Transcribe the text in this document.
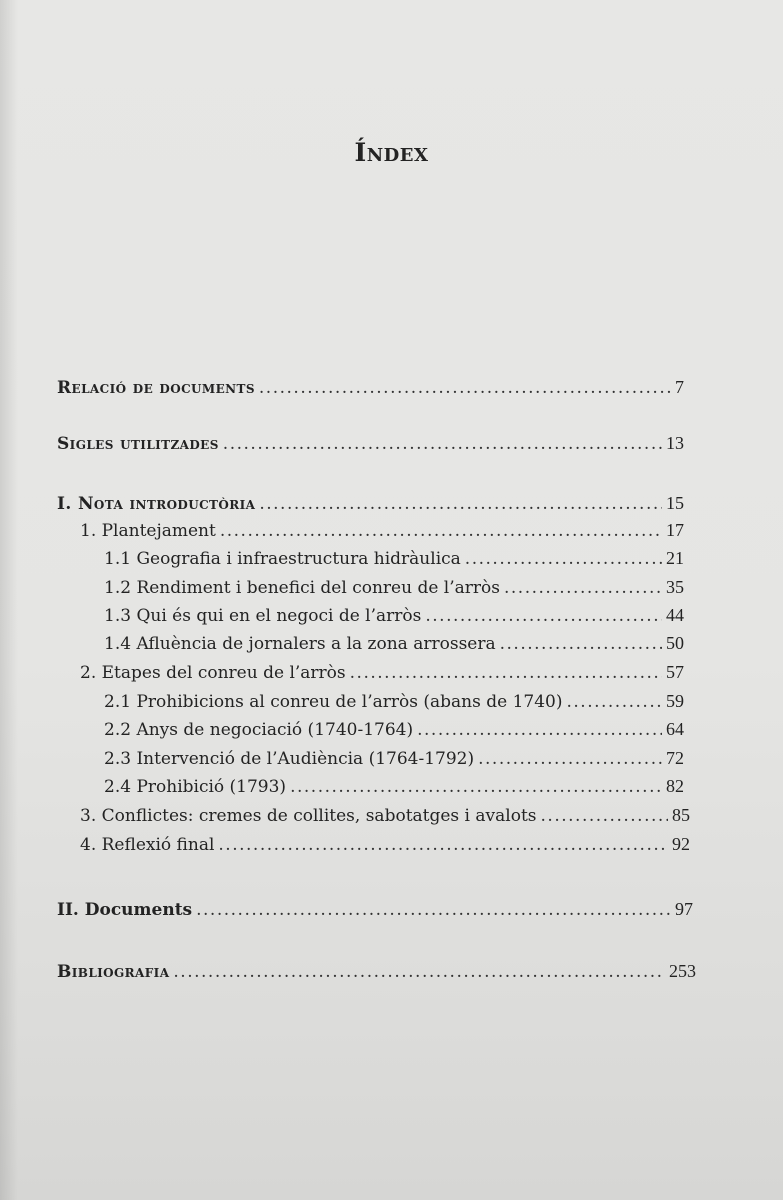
Índex
Relació de documents .....	7
Sigles utilitzades .....	13
I. Nota introductòria .....	15
1. Plantejament .....	17
1.1 Geografia i infraestructura hidràulica .....	21
1.2 Rendiment i benefici del conreu de l’arròs .....	35
1.3 Qui és qui en el negoci de l’arròs .....	44
1.4 Afluència de jornalers a la zona arrossera .....	50
2. Etapes del conreu de l’arròs .....	57
2.1 Prohibicions al conreu de l’arròs (abans de 1740) .....	59
2.2 Anys de negociació (1740-1764) .....	64
2.3 Intervenció de l’Audiència (1764-1792) .....	72
2.4 Prohibició (1793) .....	82
3. Conflictes: cremes de collites, sabotatges i avalots .....	85
4. Reflexió final .....	92
II. Documents .....	97
Bibliografia .....	253
